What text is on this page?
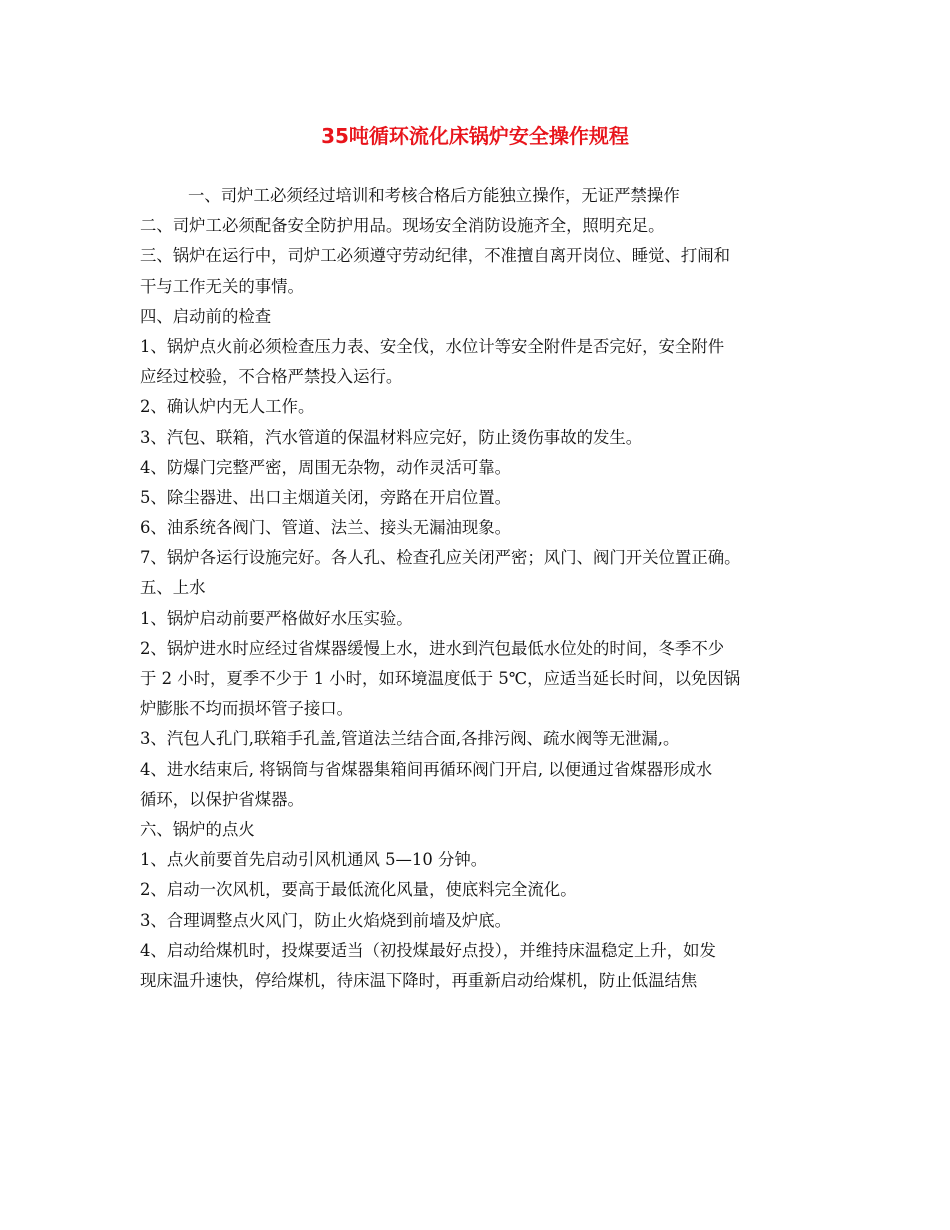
35吨循环流化床锅炉安全操作规程
一、司炉工必须经过培训和考核合格后方能独立操作，无证严禁操作
二、司炉工必须配备安全防护用品。现场安全消防设施齐全，照明充足。
三、锅炉在运行中，司炉工必须遵守劳动纪律，不准擅自离开岗位、睡觉、打闹和
干与工作无关的事情。
四、启动前的检查
1、锅炉点火前必须检查压力表、安全伐，水位计等安全附件是否完好，安全附件
应经过校验，不合格严禁投入运行。
2、确认炉内无人工作。
3、汽包、联箱，汽水管道的保温材料应完好，防止烫伤事故的发生。
4、防爆门完整严密，周围无杂物，动作灵活可靠。
5、除尘器进、出口主烟道关闭，旁路在开启位置。
6、油系统各阀门、管道、法兰、接头无漏油现象。
7、锅炉各运行设施完好。各人孔、检查孔应关闭严密；风门、阀门开关位置正确。
五、上水
1、锅炉启动前要严格做好水压实验。
2、锅炉进水时应经过省煤器缓慢上水，进水到汽包最低水位处的时间，冬季不少
于 2 小时，夏季不少于 1 小时，如环境温度低于 5℃，应适当延长时间，以免因锅
炉膨胀不均而损坏管子接口。
3、汽包人孔门,联箱手孔盖,管道法兰结合面,各排污阀、疏水阀等无泄漏,。
4、进水结束后, 将锅筒与省煤器集箱间再循环阀门开启, 以便通过省煤器形成水
循环，以保护省煤器。
六、锅炉的点火
1、点火前要首先启动引风机通风 5—10 分钟。
2、启动一次风机，要高于最低流化风量，使底料完全流化。
3、合理调整点火风门，防止火焰烧到前墙及炉底。
4、启动给煤机时，投煤要适当（初投煤最好点投），并维持床温稳定上升，如发
现床温升速快，停给煤机，待床温下降时，再重新启动给煤机，防止低温结焦
